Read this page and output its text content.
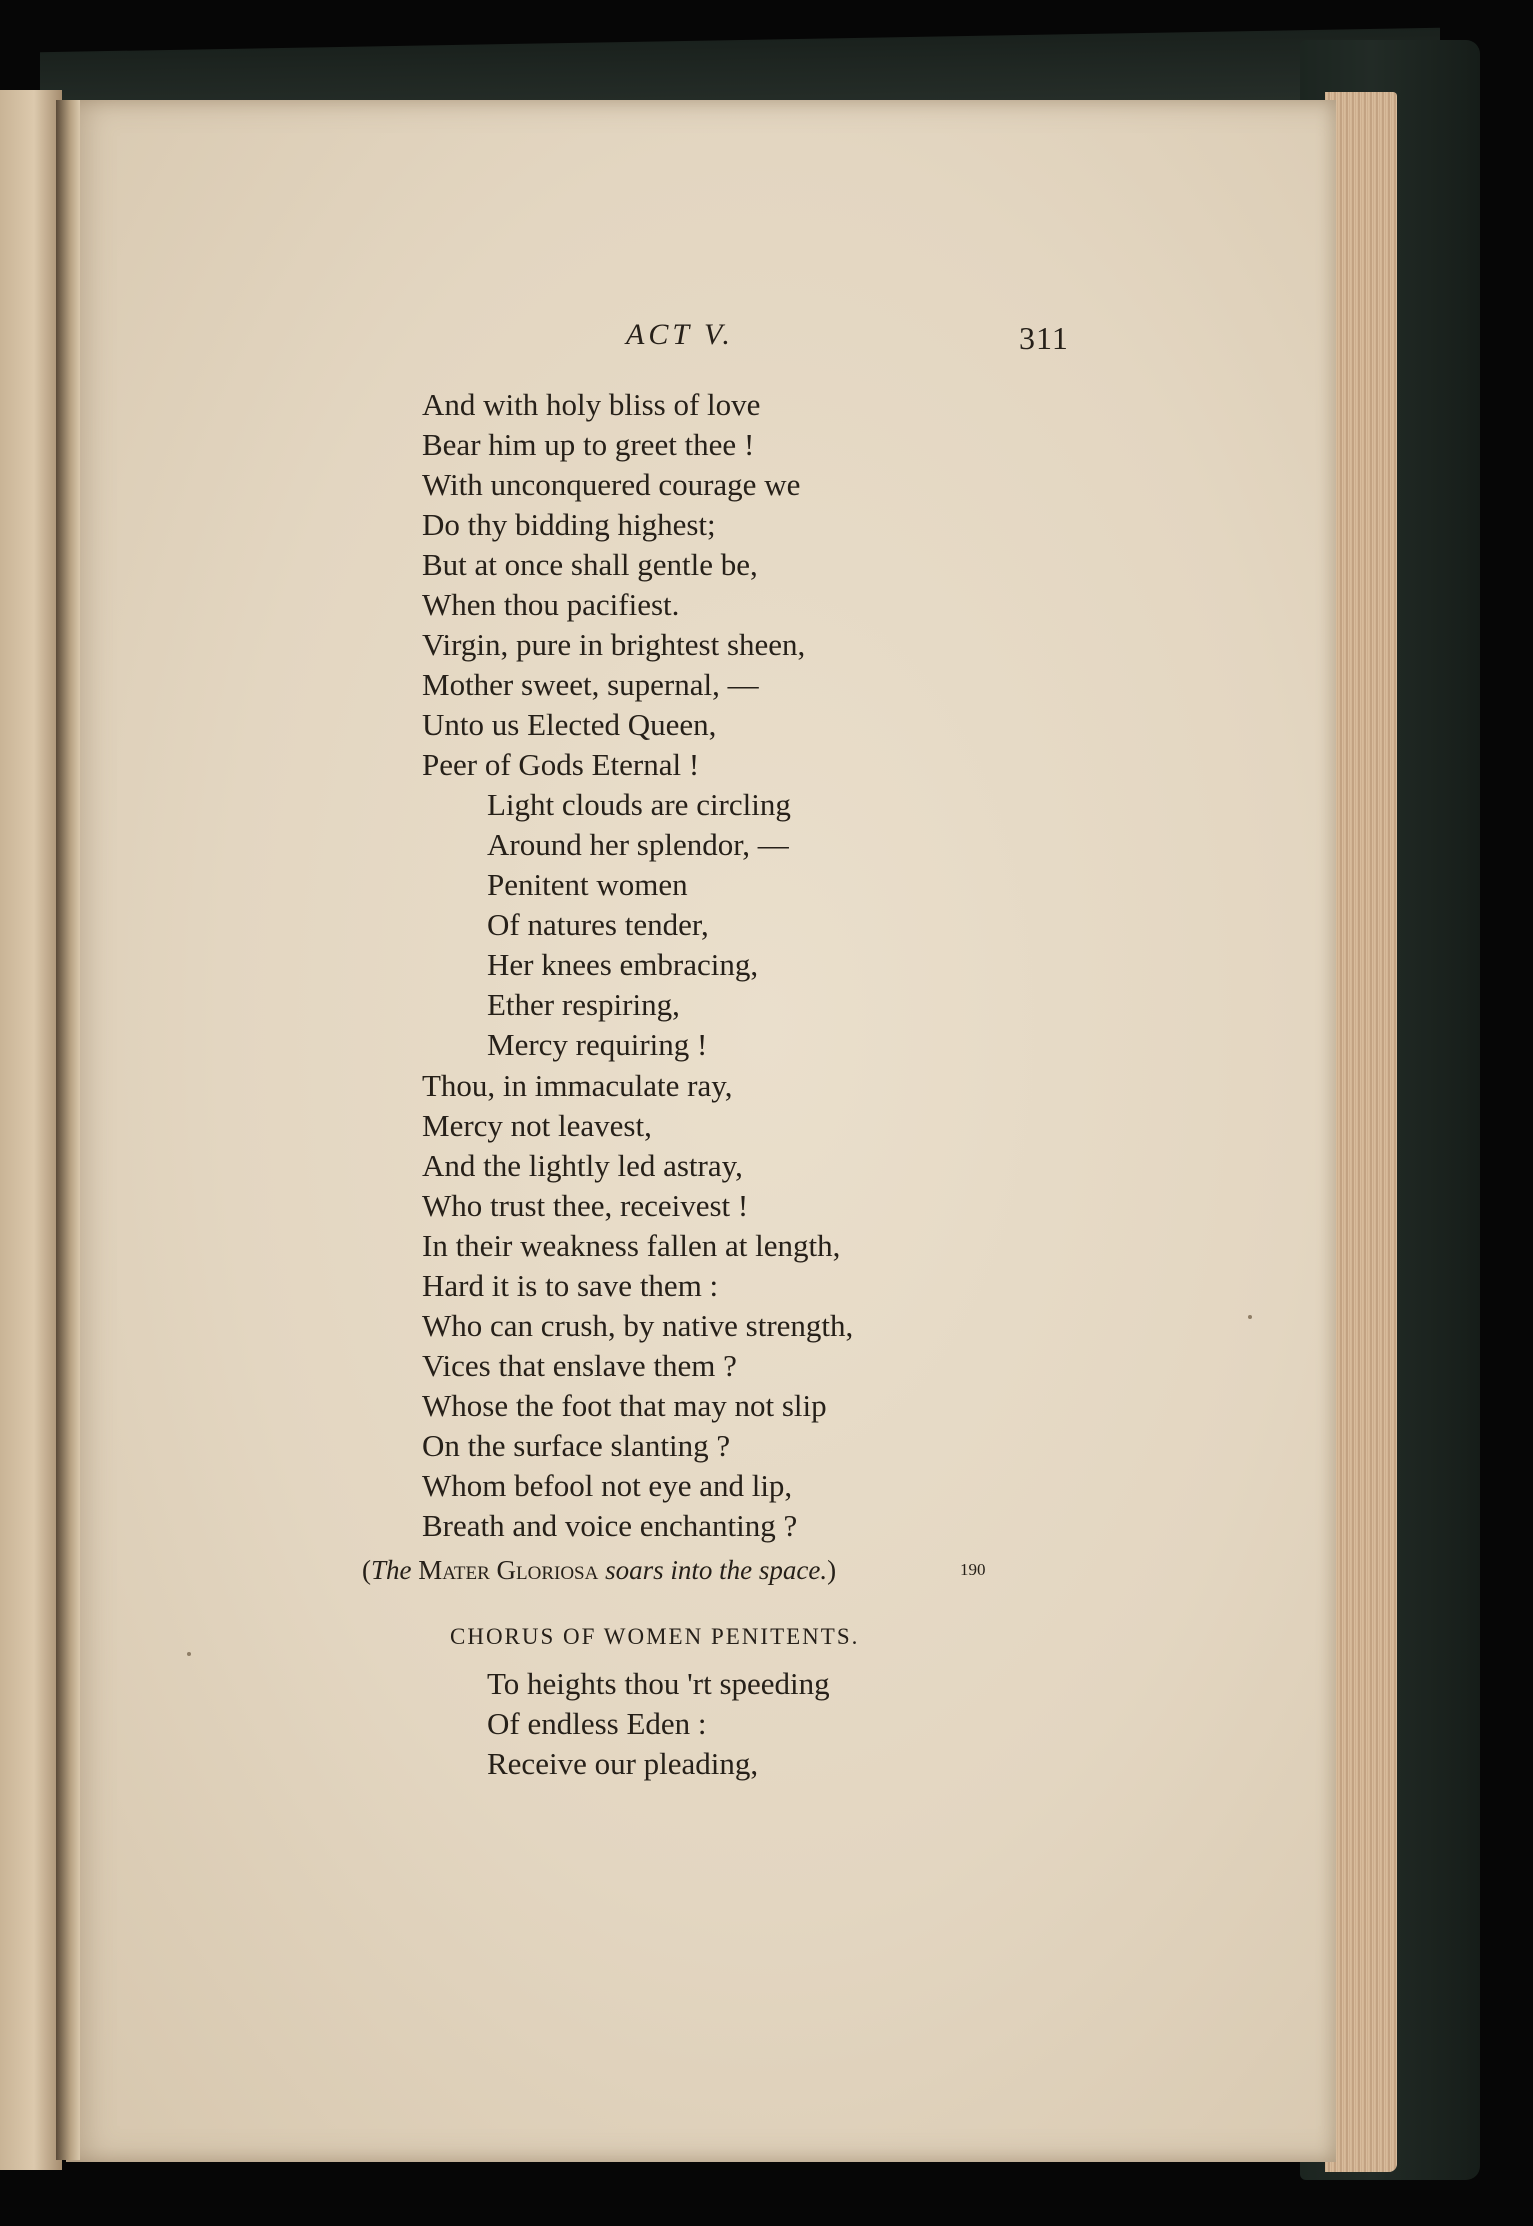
ACT V.	311

And with holy bliss of love
Bear him up to greet thee !
With unconquered courage we
Do thy bidding highest;
But at once shall gentle be,
When thou pacifiest.
Virgin, pure in brightest sheen,
Mother sweet, supernal, —
Unto us Elected Queen,
Peer of Gods Eternal !
Light clouds are circling
Around her splendor, —
Penitent women
Of natures tender,
Her knees embracing,
Ether respiring,
Mercy requiring !
Thou, in immaculate ray,
Mercy not leavest,
And the lightly led astray,
Who trust thee, receivest !
In their weakness fallen at length,
Hard it is to save them :
Who can crush, by native strength,
Vices that enslave them ?
Whose the foot that may not slip
On the surface slanting ?
Whom befool not eye and lip,
Breath and voice enchanting ?

(The Mater Gloriosa soars into the space.)	190

CHORUS OF WOMEN PENITENTS.
To heights thou 'rt speeding
Of endless Eden :
Receive our pleading,
